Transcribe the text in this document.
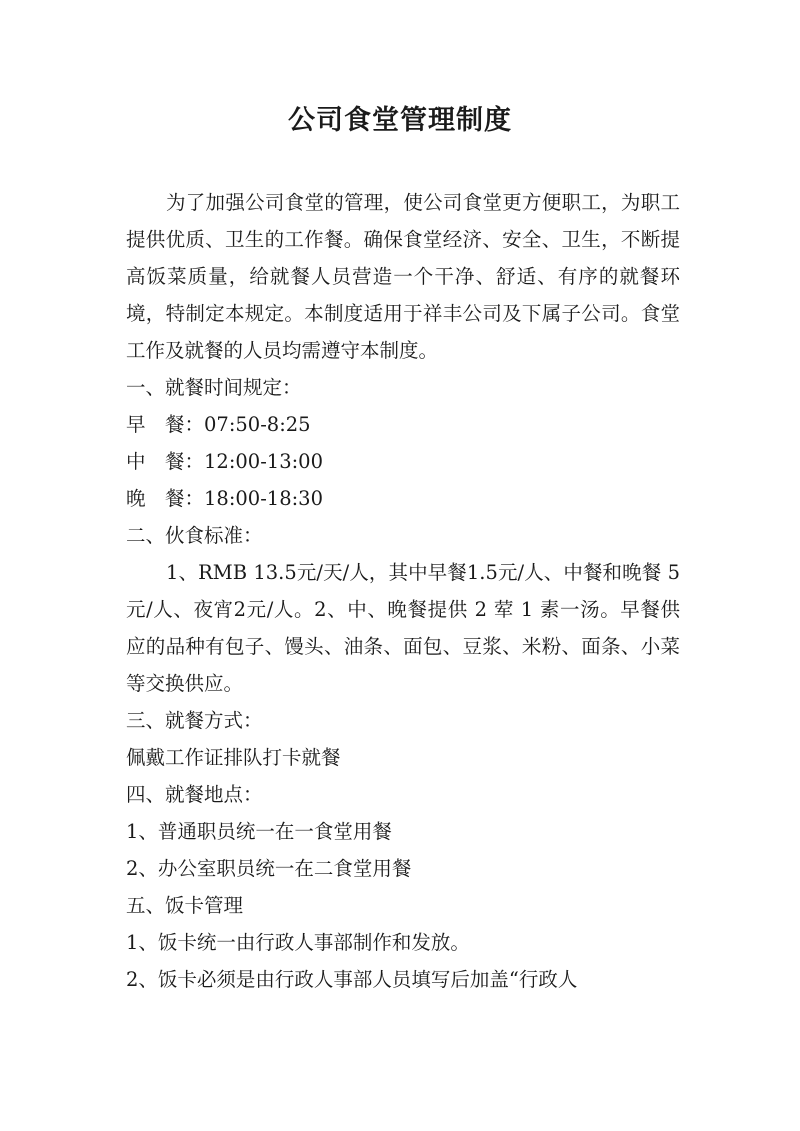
公司食堂管理制度

为了加强公司食堂的管理，使公司食堂更方便职工，为职工提供优质、卫生的工作餐。确保食堂经济、安全、卫生，不断提高饭菜质量，给就餐人员营造一个干净、舒适、有序的就餐环境，特制定本规定。本制度适用于祥丰公司及下属子公司。食堂工作及就餐的人员均需遵守本制度。

一、就餐时间规定：

早　餐：07:50-8:25

中　餐：12:00-13:00

晚　餐：18:00-18:30

二、伙食标准：

1、RMB 13.5元/天/人，其中早餐1.5元/人、中餐和晚餐 5 元/人、夜宵2元/人。2、中、晚餐提供 2 荤 1 素一汤。早餐供应的品种有包子、馒头、油条、面包、豆浆、米粉、面条、小菜等交换供应。

三、就餐方式：

佩戴工作证排队打卡就餐

四、就餐地点：

1、普通职员统一在一食堂用餐

2、办公室职员统一在二食堂用餐

五、饭卡管理

1、饭卡统一由行政人事部制作和发放。

2、饭卡必须是由行政人事部人员填写后加盖“行政人
